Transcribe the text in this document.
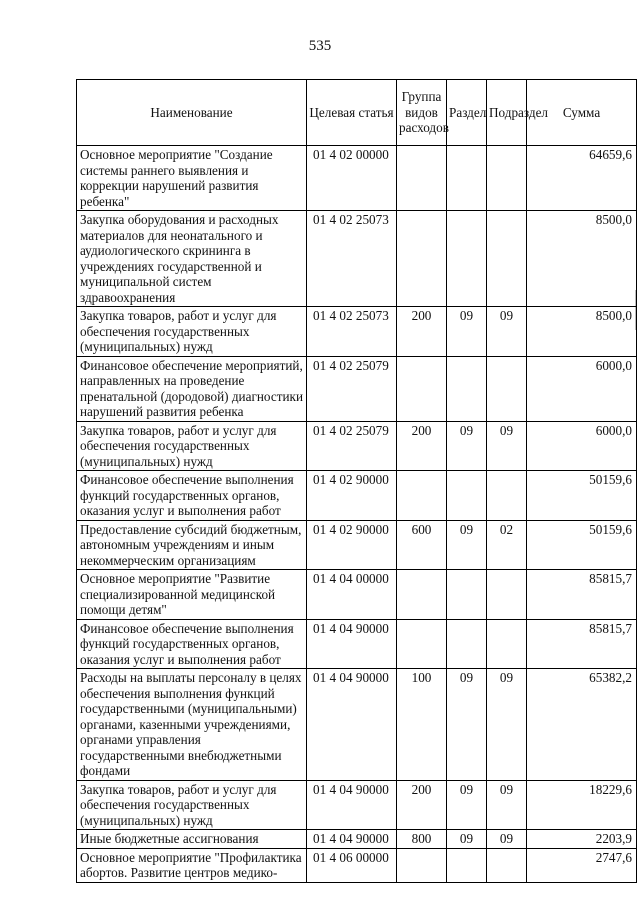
535
Наименование	Целевая статья	Группа видов расходов	Раздел	Подраздел	Сумма
Основное мероприятие "Создание системы раннего выявления и коррекции нарушений развития ребенка"	01 4 02 00000				64659,6
Закупка оборудования и расходных материалов для неонатального и аудиологического скрининга в учреждениях государственной и муниципальной систем здравоохранения	01 4 02 25073				8500,0
Закупка товаров, работ и услуг для обеспечения государственных (муниципальных) нужд	01 4 02 25073	200	09	09	8500,0
Финансовое обеспечение мероприятий, направленных на проведение пренатальной (дородовой) диагностики нарушений развития ребенка	01 4 02 25079				6000,0
Закупка товаров, работ и услуг для обеспечения государственных (муниципальных) нужд	01 4 02 25079	200	09	09	6000,0
Финансовое обеспечение выполнения функций государственных органов, оказания услуг и выполнения работ	01 4 02 90000				50159,6
Предоставление субсидий бюджетным, автономным учреждениям и иным некоммерческим организациям	01 4 02 90000	600	09	02	50159,6
Основное мероприятие "Развитие специализированной медицинской помощи детям"	01 4 04 00000				85815,7
Финансовое обеспечение выполнения функций государственных органов, оказания услуг и выполнения работ	01 4 04 90000				85815,7
Расходы на выплаты персоналу в целях обеспечения выполнения функций государственными (муниципальными) органами, казенными учреждениями, органами управления государственными внебюджетными фондами	01 4 04 90000	100	09	09	65382,2
Закупка товаров, работ и услуг для обеспечения государственных (муниципальных) нужд	01 4 04 90000	200	09	09	18229,6
Иные бюджетные ассигнования	01 4 04 90000	800	09	09	2203,9
Основное мероприятие "Профилактика абортов. Развитие центров медико-	01 4 06 00000				2747,6
